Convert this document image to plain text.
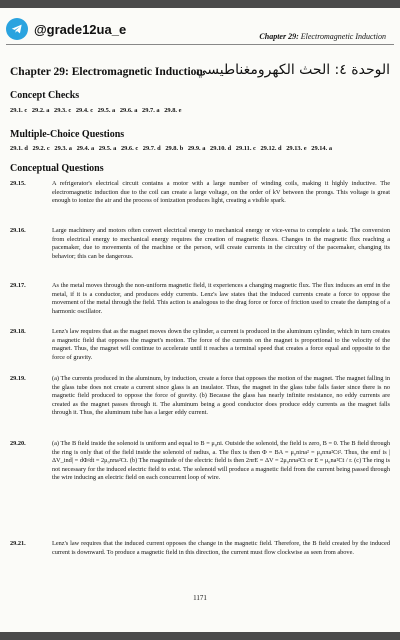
@grade12ua_e	Chapter 29: Electromagnetic Induction
Chapter 29: Electromagnetic Induction
الوحدة ٤: الحث الكهرومغناطيسي
Concept Checks
29.1. c 29.2. a 29.3. c 29.4. c 29.5. a 29.6. a 29.7. a 29.8. e
Multiple-Choice Questions
29.1. d 29.2. c 29.3. a 29.4. a 29.5. a 29.6. c 29.7. d 29.8. b 29.9. a 29.10. d 29.11. c 29.12. d 29.13. e 29.14. a
Conceptual Questions
29.15.	A refrigerator's electrical circuit contains a motor with a large number of winding coils, making it highly inductive. The electromagnetic induction due to the coil can create a large voltage, on the order of kV between the prongs. This voltage is great enough to ionize the air and the process of ionization produces light, creating a visible spark.
29.16.	Large machinery and motors often convert electrical energy to mechanical energy or vice-versa to complete a task. The conversion from electrical energy to mechanical energy requires the creation of magnetic fluxes. Changes in the magnetic flux reaching a pacemaker, due to movements of the machine or the person, will create currents in the circuitry of the pacemaker, changing its behavior; this can be dangerous.
29.17.	As the metal moves through the non-uniform magnetic field, it experiences a changing magnetic flux. The flux induces an emf in the metal, if it is a conductor, and produces eddy currents. Lenz's law states that the induced currents create a force to oppose the movement of the metal through the field. This action is analogous to the drag force or force of friction used to create the damping of a harmonic oscillator.
29.18.	Lenz's law requires that as the magnet moves down the cylinder, a current is produced in the aluminum cylinder, which in turn creates a magnetic field that opposes the magnet's motion. The force of the currents on the magnet is proportional to the velocity of the magnet. Thus, the magnet will continue to accelerate until it reaches a terminal speed that creates a force equal and opposite to the force of gravity.
29.19.	(a) The currents produced in the aluminum, by induction, create a force that opposes the motion of the magnet. The magnet falling in the glass tube does not create a current since glass is an insulator. Thus, the magnet in the glass tube falls faster since there is no magnetic field produced to oppose the force of gravity. (b) Because the glass has nearly infinite resistance, no eddy currents are created as the magnet passes through it. The aluminum being a good conductor does produce eddy currents as the magnet falls through it. Thus, the aluminum tube has a larger eddy current.
29.20.	(a) The B field inside the solenoid is uniform and equal to B = μ₀ni. Outside the solenoid, the field is zero, B = 0. The B field through the ring is only that of the field inside the solenoid of radius, a. The flux is then Φ = BA = μ₀niπa² = μ₀nπa²Ct². Thus, the emf is |ΔV_ind| = dΦ/dt = 2μ₀nπa²Ct. (b) The magnitude of the electric field is then 2πrE = ΔV = 2μ₀nπa²Ct or E = μ₀na²Ct / r. (c) The ring is not necessary for the induced electric field to exist. The solenoid will produce a magnetic field from the current being passed through the wire inducing an electric field on each concurrent loop of wire.
29.21.	Lenz's law requires that the induced current opposes the change in the magnetic field. Therefore, the B field created by the induced current is downward. To produce a magnetic field in this direction, the current must flow clockwise as seen from above.
1171
